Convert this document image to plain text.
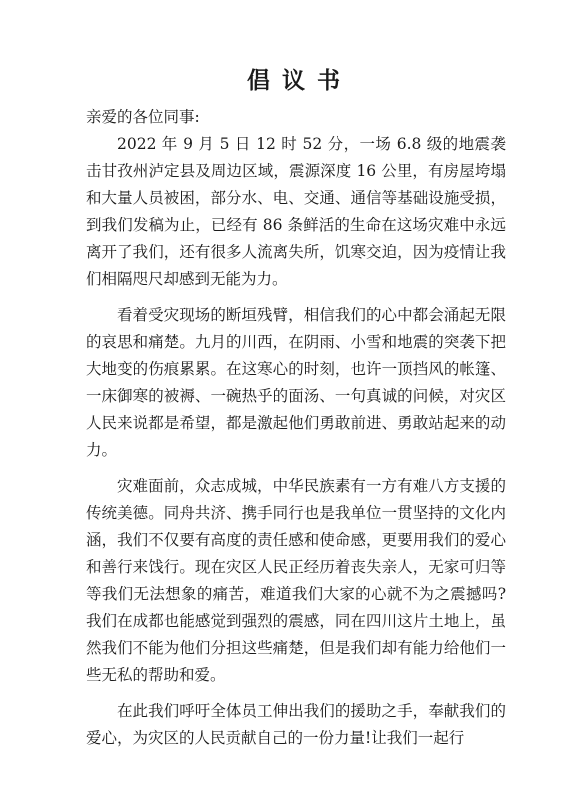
倡议书

亲爱的各位同事:

2022 年 9 月 5 日 12 时 52 分，一场 6.8 级的地震袭击甘孜州泸定县及周边区域，震源深度 16 公里，有房屋垮塌和大量人员被困，部分水、电、交通、通信等基础设施受损，到我们发稿为止，已经有 86 条鲜活的生命在这场灾难中永远离开了我们，还有很多人流离失所，饥寒交迫，因为疫情让我们相隔咫尺却感到无能为力。

看着受灾现场的断垣残臂，相信我们的心中都会涌起无限的哀思和痛楚。九月的川西，在阴雨、小雪和地震的突袭下把大地变的伤痕累累。在这寒心的时刻，也许一顶挡风的帐篷、一床御寒的被褥、一碗热乎的面汤、一句真诚的问候，对灾区人民来说都是希望，都是激起他们勇敢前进、勇敢站起来的动力。

灾难面前，众志成城，中华民族素有一方有难八方支援的传统美德。同舟共济、携手同行也是我单位一贯坚持的文化内涵，我们不仅要有高度的责任感和使命感，更要用我们的爱心和善行来饯行。现在灾区人民正经历着丧失亲人，无家可归等等我们无法想象的痛苦，难道我们大家的心就不为之震撼吗?我们在成都也能感觉到强烈的震感，同在四川这片土地上，虽然我们不能为他们分担这些痛楚，但是我们却有能力给他们一些无私的帮助和爱。

在此我们呼吁全体员工伸出我们的援助之手，奉献我们的爱心，为灾区的人民贡献自己的一份力量!让我们一起行
